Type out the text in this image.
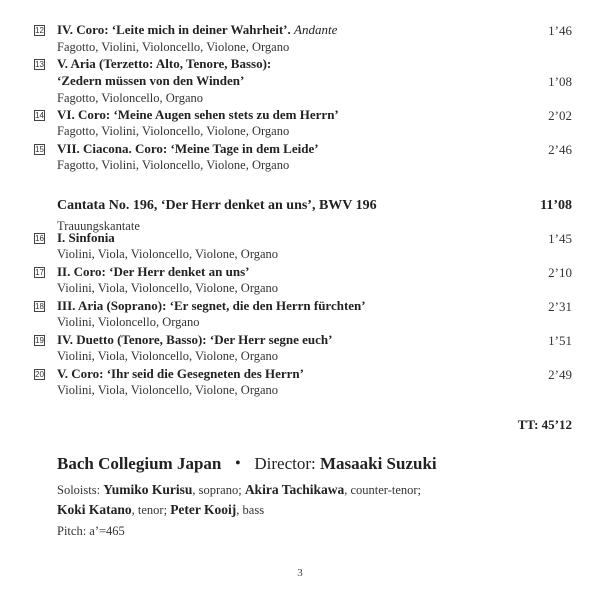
12 IV. Coro: ‘Leite mich in deiner Wahrheit’. Andante	1’46
Fagotto, Violini, Violoncello, Violone, Organo
13 V. Aria (Terzetto: Alto, Tenore, Basso):
‘Zedern müssen von den Winden’	1’08
Fagotto, Violoncello, Organo
14 VI. Coro: ‘Meine Augen sehen stets zu dem Herrn’	2’02
Fagotto, Violini, Violoncello, Violone, Organo
15 VII. Ciacona. Coro: ‘Meine Tage in dem Leide’	2’46
Fagotto, Violini, Violoncello, Violone, Organo
Cantata No. 196, ‘Der Herr denket an uns’, BWV 196	11’08
Trauungskantate
16 I. Sinfonia	1’45
Violini, Viola, Violoncello, Violone, Organo
17 II. Coro: ‘Der Herr denket an uns’	2’10
Violini, Viola, Violoncello, Violone, Organo
18 III. Aria (Soprano): ‘Er segnet, die den Herrn fürchten’	2’31
Violini, Violoncello, Organo
19 IV. Duetto (Tenore, Basso): ‘Der Herr segne euch’	1’51
Violini, Viola, Violoncello, Violone, Organo
20 V. Coro: ‘Ihr seid die Gesegneten des Herrn’	2’49
Violini, Viola, Violoncello, Violone, Organo
TT: 45’12
Bach Collegium Japan ・ Director: Masaaki Suzuki
Soloists: Yumiko Kurisu, soprano; Akira Tachikawa, counter-tenor;
Koki Katano, tenor; Peter Kooij, bass
Pitch: a’=465
3
